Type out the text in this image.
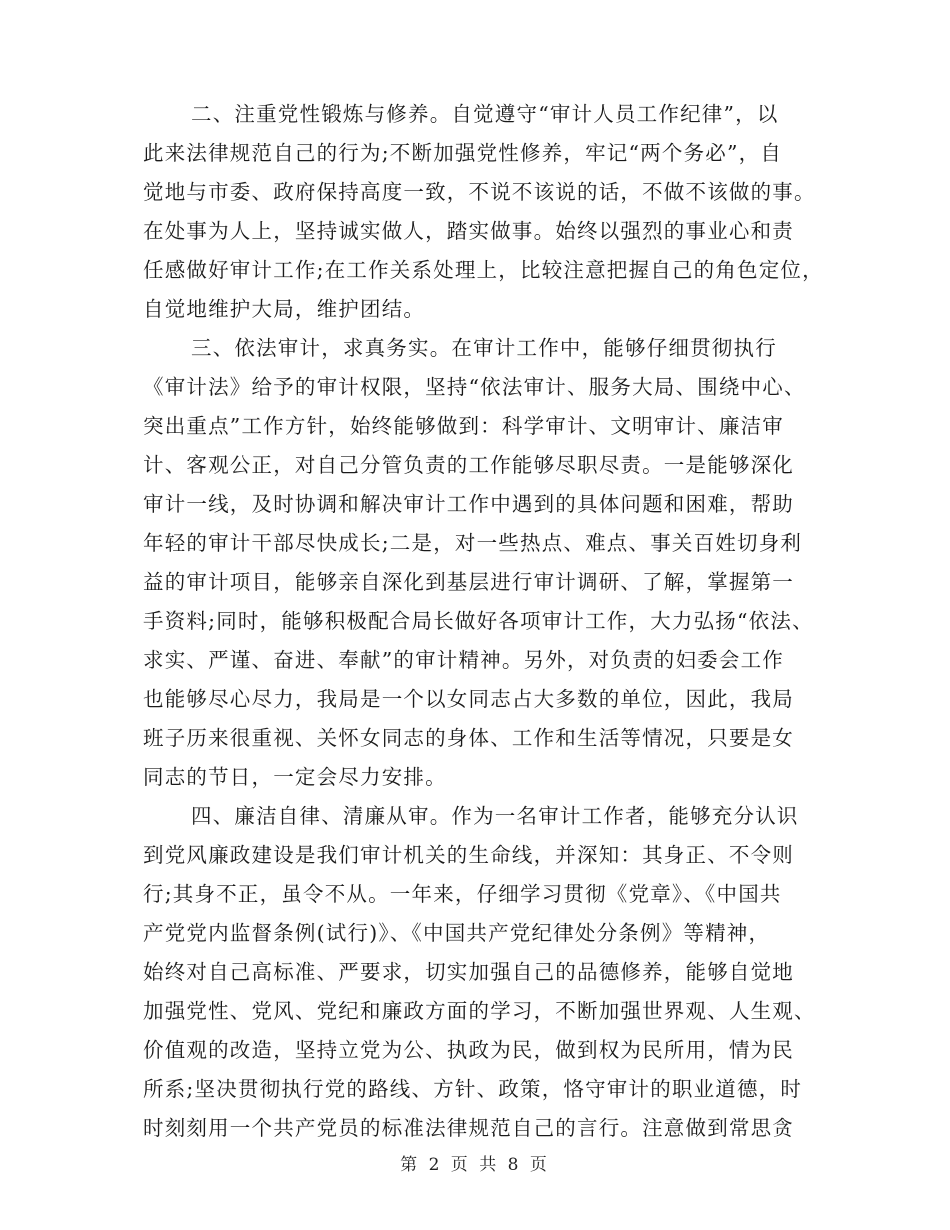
二、注重党性锻炼与修养。自觉遵守“审计人员工作纪律”，以
此来法律规范自己的行为;不断加强党性修养，牢记“两个务必”，自
觉地与市委、政府保持高度一致，不说不该说的话，不做不该做的事。
在处事为人上，坚持诚实做人，踏实做事。始终以强烈的事业心和责
任感做好审计工作;在工作关系处理上，比较注意把握自己的角色定位，
自觉地维护大局，维护团结。
三、依法审计，求真务实。在审计工作中，能够仔细贯彻执行
《审计法》给予的审计权限，坚持“依法审计、服务大局、围绕中心、
突出重点”工作方针，始终能够做到：科学审计、文明审计、廉洁审
计、客观公正，对自己分管负责的工作能够尽职尽责。一是能够深化
审计一线，及时协调和解决审计工作中遇到的具体问题和困难，帮助
年轻的审计干部尽快成长;二是，对一些热点、难点、事关百姓切身利
益的审计项目，能够亲自深化到基层进行审计调研、了解，掌握第一
手资料;同时，能够积极配合局长做好各项审计工作，大力弘扬“依法、
求实、严谨、奋进、奉献”的审计精神。另外，对负责的妇委会工作
也能够尽心尽力，我局是一个以女同志占大多数的单位，因此，我局
班子历来很重视、关怀女同志的身体、工作和生活等情况，只要是女
同志的节日，一定会尽力安排。
四、廉洁自律、清廉从审。作为一名审计工作者，能够充分认识
到党风廉政建设是我们审计机关的生命线，并深知：其身正、不令则
行;其身不正，虽令不从。一年来，仔细学习贯彻《党章》、《中国共
产党党内监督条例(试行)》、《中国共产党纪律处分条例》等精神，
始终对自己高标准、严要求，切实加强自己的品德修养，能够自觉地
加强党性、党风、党纪和廉政方面的学习，不断加强世界观、人生观、
价值观的改造，坚持立党为公、执政为民，做到权为民所用，情为民
所系;坚决贯彻执行党的路线、方针、政策，恪守审计的职业道德，时
时刻刻用一个共产党员的标准法律规范自己的言行。注意做到常思贪
第 2 页 共 8 页
